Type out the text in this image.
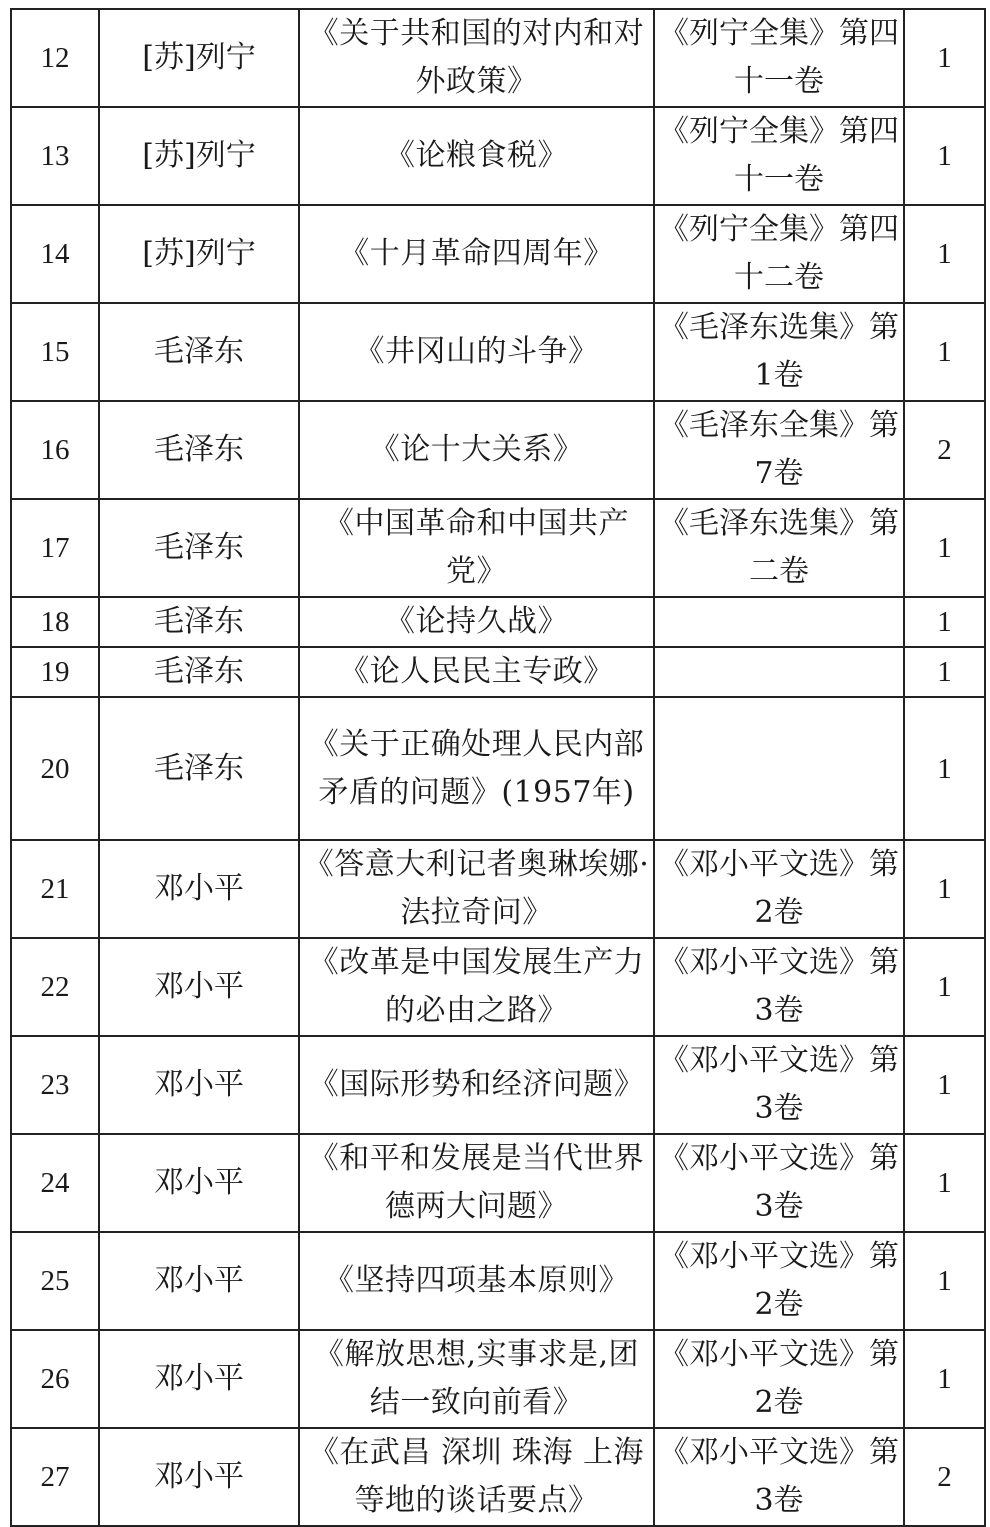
12	[苏]列宁	《关于共和国的对内和对外政策》	《列宁全集》第四十一卷	1
13	[苏]列宁	《论粮食税》	《列宁全集》第四十一卷	1
14	[苏]列宁	《十月革命四周年》	《列宁全集》第四十二卷	1
15	毛泽东	《井冈山的斗争》	《毛泽东选集》第1卷	1
16	毛泽东	《论十大关系》	《毛泽东全集》第7卷	2
17	毛泽东	《中国革命和中国共产党》	《毛泽东选集》第二卷	1
18	毛泽东	《论持久战》		1
19	毛泽东	《论人民民主专政》		1
20	毛泽东	《关于正确处理人民内部矛盾的问题》(1957年)		1
21	邓小平	《答意大利记者奥琳埃娜·法拉奇问》	《邓小平文选》第2卷	1
22	邓小平	《改革是中国发展生产力的必由之路》	《邓小平文选》第3卷	1
23	邓小平	《国际形势和经济问题》	《邓小平文选》第3卷	1
24	邓小平	《和平和发展是当代世界德两大问题》	《邓小平文选》第3卷	1
25	邓小平	《坚持四项基本原则》	《邓小平文选》第2卷	1
26	邓小平	《解放思想,实事求是,团结一致向前看》	《邓小平文选》第2卷	1
27	邓小平	《在武昌 深圳 珠海 上海等地的谈话要点》	《邓小平文选》第3卷	2
